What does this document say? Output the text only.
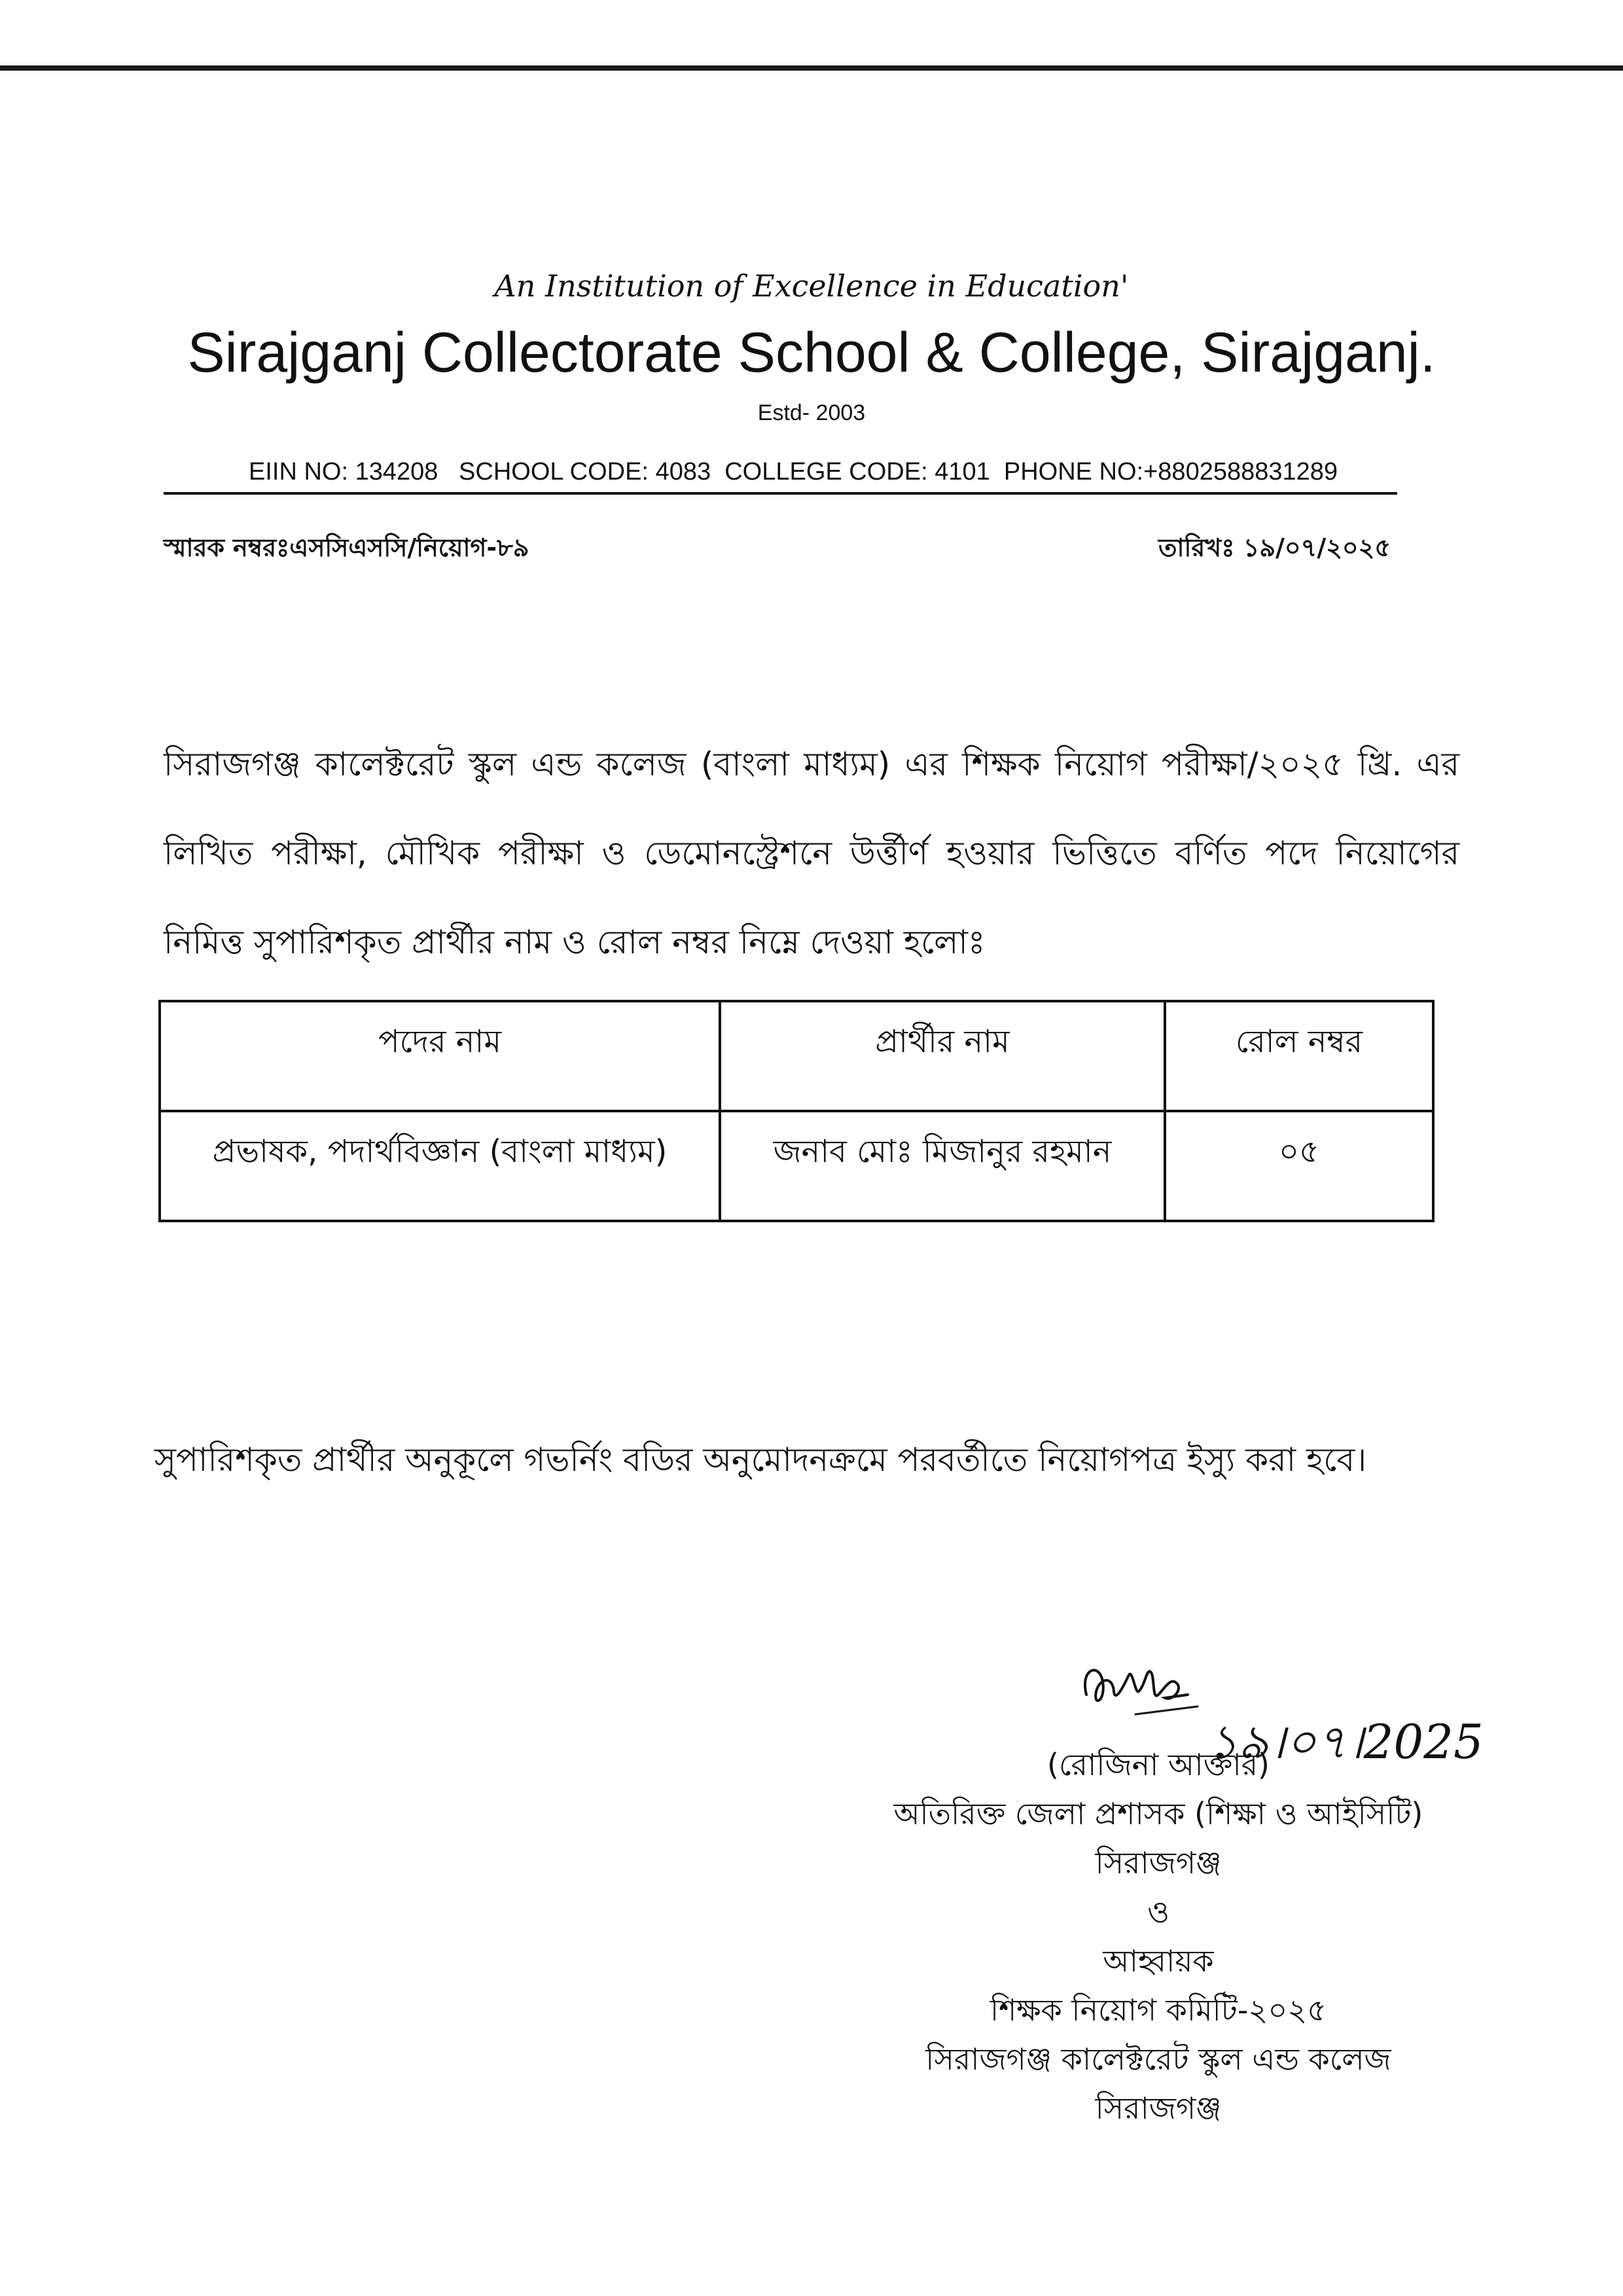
An Institution of Excellence in Education'
Sirajganj Collectorate School & College, Sirajganj.
Estd- 2003
EIIN NO: 134208   SCHOOL CODE: 4083  COLLEGE CODE: 4101  PHONE NO:+8802588831289
স্মারক নম্বরঃএসসিএসসি/নিয়োগ-৮৯	তারিখঃ ১৯/০৭/২০২৫
সিরাজগঞ্জ কালেক্টরেট স্কুল এন্ড কলেজ (বাংলা মাধ্যম) এর শিক্ষক নিয়োগ পরীক্ষা/২০২৫ খ্রি. এর লিখিত পরীক্ষা, মৌখিক পরীক্ষা ও ডেমোনস্ট্রেশনে উর্ত্তীর্ণ হওয়ার ভিত্তিতে বর্ণিত পদে নিয়োগের নিমিত্ত সুপারিশকৃত প্রার্থীর নাম ও রোল নম্বর নিম্নে দেওয়া হলোঃ
পদের নাম	প্রার্থীর নাম	রোল নম্বর
প্রভাষক, পদার্থবিজ্ঞান (বাংলা মাধ্যম)	জনাব মোঃ মিজানুর রহমান	০৫
সুপারিশকৃত প্রার্থীর অনুকূলে গভর্নিং বডির অনুমোদনক্রমে পরবর্তীতে নিয়োগপত্র ইস্যু করা হবে।
১৯।০৭।2025
(রোজিনা আক্তার)
অতিরিক্ত জেলা প্রশাসক (শিক্ষা ও আইসিটি)
সিরাজগঞ্জ
ও
আহ্বায়ক
শিক্ষক নিয়োগ কমিটি-২০২৫
সিরাজগঞ্জ কালেক্টরেট স্কুল এন্ড কলেজ
সিরাজগঞ্জ
